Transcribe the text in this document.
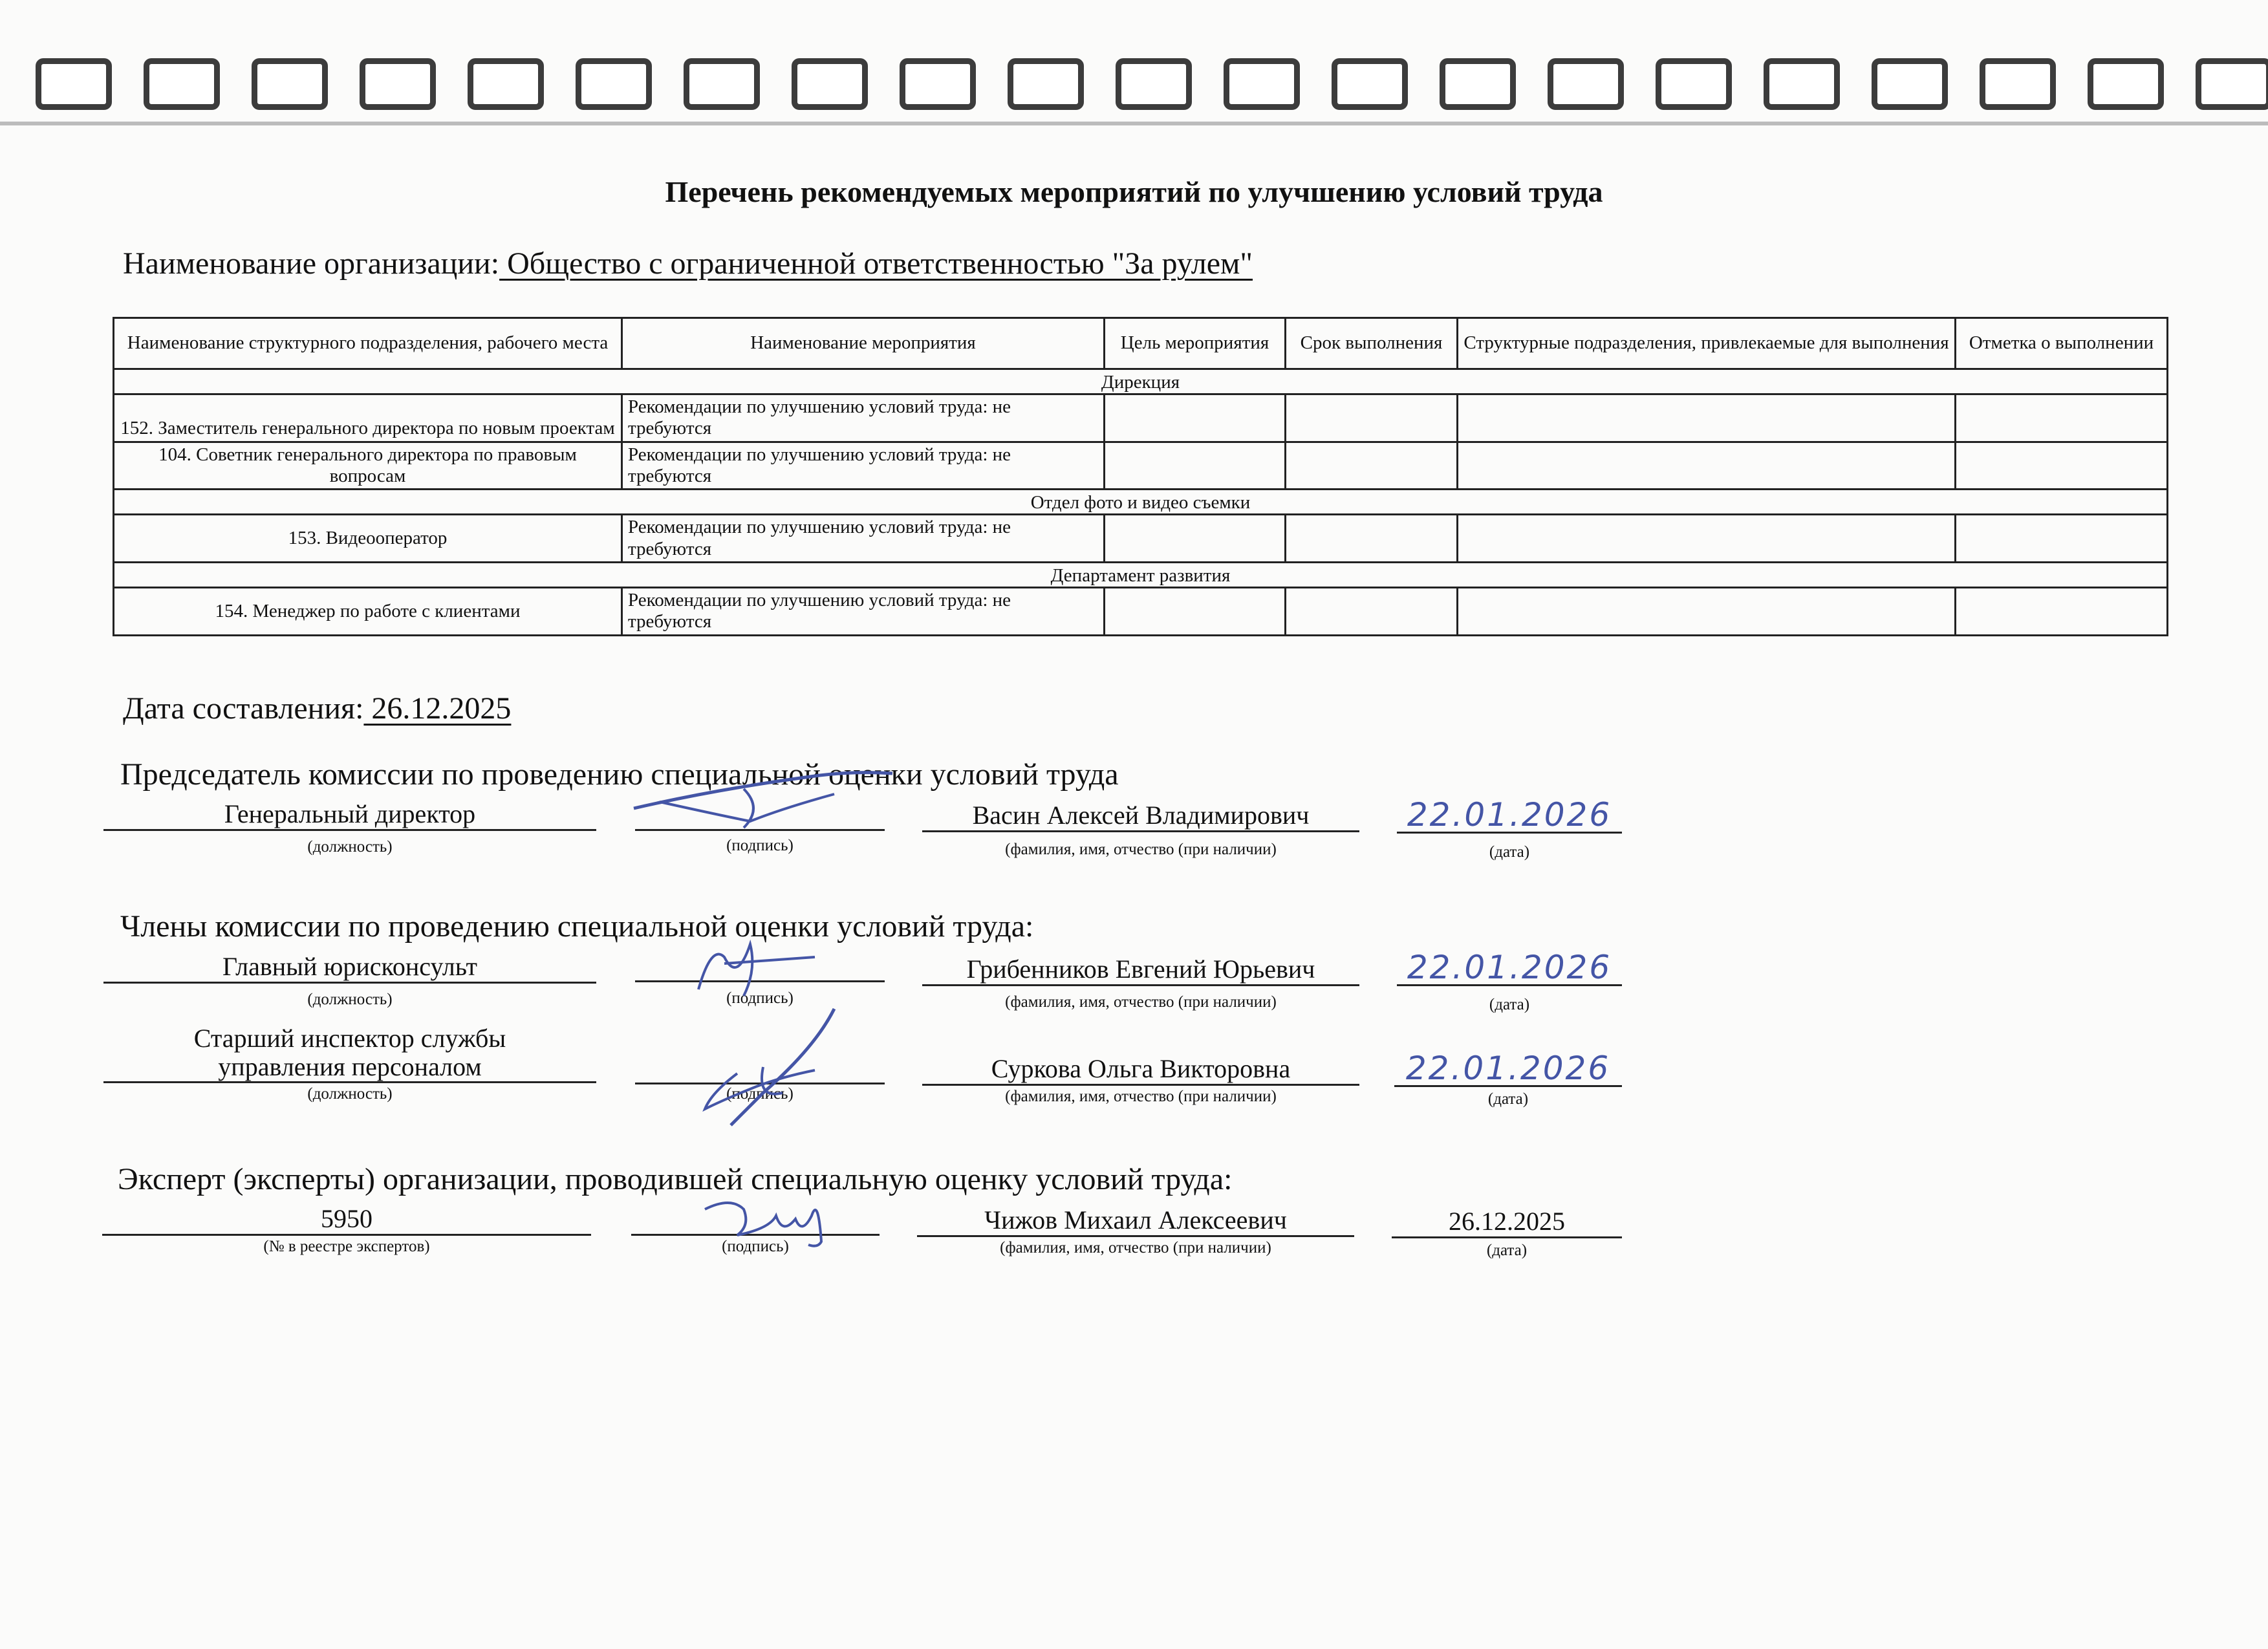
Перечень рекомендуемых мероприятий по улучшению условий труда
Наименование организации: Общество с ограниченной ответственностью "За рулем"
Наименование структурного подразделения, рабочего места	Наименование мероприятия	Цель мероприятия	Срок выполнения	Структурные подразделения, привлекаемые для выполнения	Отметка о выполнении
Дирекция					
152. Заместитель генерального директора по новым проектам	Рекомендации по улучшению условий труда: не требуются				
104. Советник генерального директора по правовым вопросам	Рекомендации по улучшению условий труда: не требуются				
Отдел фото и видео съемки					
153. Видеооператор	Рекомендации по улучшению условий труда: не требуются				
Департамент развития					
154. Менеджер по работе с клиентами	Рекомендации по улучшению условий труда: не требуются				
Дата составления: 26.12.2025
Председатель комиссии по проведению специальной оценки условий труда
Генеральный директор
(должность)	(подпись)
Васин Алексей Владимирович
(фамилия, имя, отчество (при наличии)
22.01.2026
(дата)
Члены комиссии по проведению специальной оценки условий труда:
Главный юрисконсульт
(должность)	(подпись)
Грибенников Евгений Юрьевич
(фамилия, имя, отчество (при наличии)
22.01.2026
(дата)
Старший инспектор службы
управления персоналом
(должность)	(подпись)
Суркова Ольга Викторовна
(фамилия, имя, отчество (при наличии)
22.01.2026
(дата)
Эксперт (эксперты) организации, проводившей специальную оценку условий труда:
5950
(№ в реестре экспертов)	(подпись)
Чижов Михаил Алексеевич
(фамилия, имя, отчество (при наличии)
26.12.2025
(дата)
